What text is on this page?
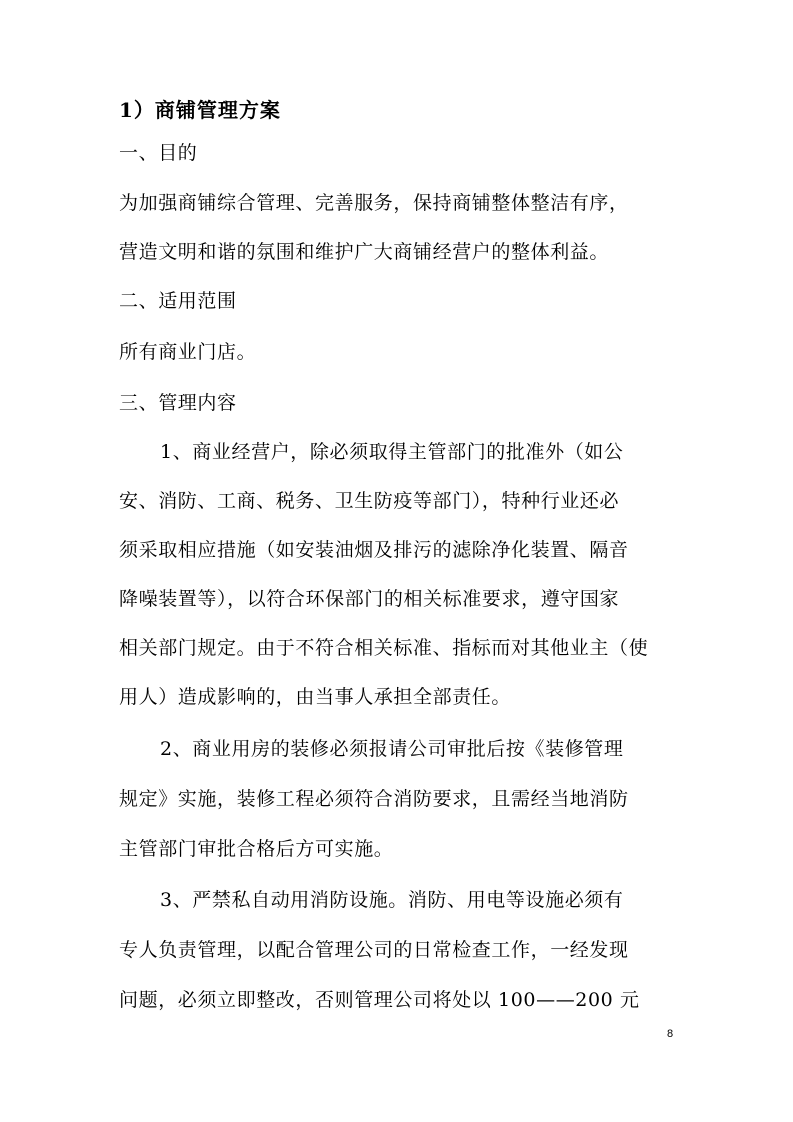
1）商铺管理方案

一、目的

为加强商铺综合管理、完善服务，保持商铺整体整洁有序，

营造文明和谐的氛围和维护广大商铺经营户的整体利益。

二、适用范围

所有商业门店。

三、管理内容

1、商业经营户，除必须取得主管部门的批准外（如公

安、消防、工商、税务、卫生防疫等部门），特种行业还必

须采取相应措施（如安装油烟及排污的滤除净化装置、隔音

降噪装置等），以符合环保部门的相关标准要求，遵守国家

相关部门规定。由于不符合相关标准、指标而对其他业主（使

用人）造成影响的，由当事人承担全部责任。

2、商业用房的装修必须报请公司审批后按《装修管理

规定》实施，装修工程必须符合消防要求，且需经当地消防

主管部门审批合格后方可实施。

3、严禁私自动用消防设施。消防、用电等设施必须有

专人负责管理，以配合管理公司的日常检查工作，一经发现

问题，必须立即整改，否则管理公司将处以 100——200 元

8
